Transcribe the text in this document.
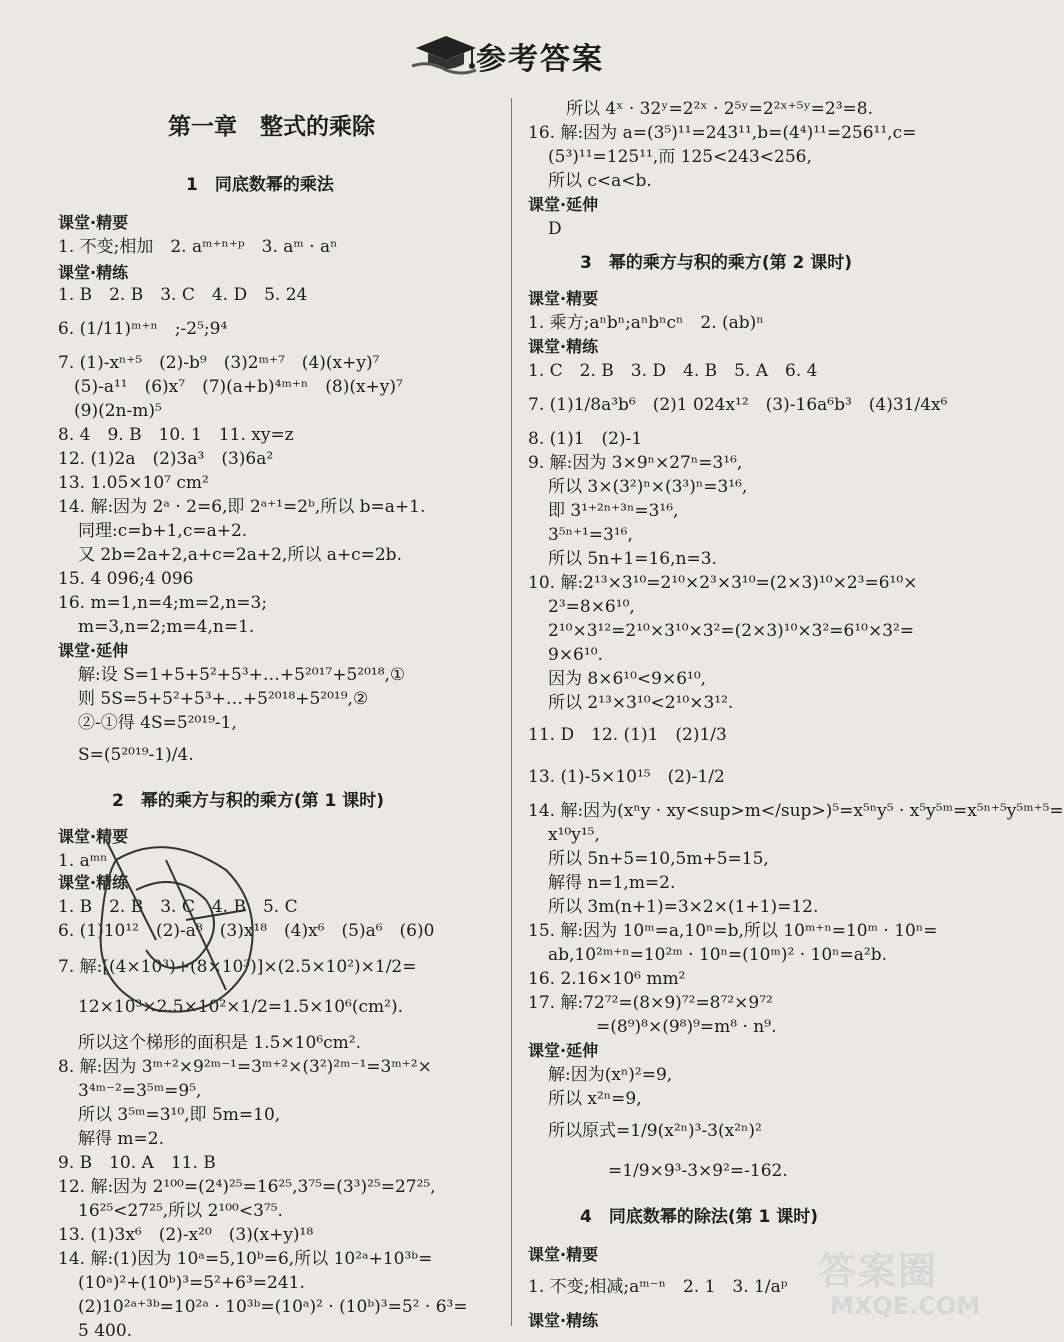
参考答案
第一章　整式的乘除
1　同底数幂的乘法
课堂·精要
1. 不变;相加　2. aᵐ⁺ⁿ⁺ᵖ　3. aᵐ · aⁿ
课堂·精练
1. B　2. B　3. C　4. D　5. 24
6. (1/11)ᵐ⁺ⁿ　;-2⁵;9⁴
7. (1)-xⁿ⁺⁵　(2)-b⁹　(3)2ᵐ⁺⁷　(4)(x+y)⁷
(5)-a¹¹　(6)x⁷　(7)(a+b)⁴ᵐ⁺ⁿ　(8)(x+y)⁷
(9)(2n-m)⁵
8. 4　9. B　10. 1　11. xy=z
12. (1)2a　(2)3a³　(3)6a²
13. 1.05×10⁷ cm²
14. 解:因为 2ᵃ · 2=6,即 2ᵃ⁺¹=2ᵇ,所以 b=a+1.
同理:c=b+1,c=a+2.
又 2b=2a+2,a+c=2a+2,所以 a+c=2b.
15. 4 096;4 096
16. m=1,n=4;m=2,n=3;
m=3,n=2;m=4,n=1.
课堂·延伸
解:设 S=1+5+5²+5³+…+5²⁰¹⁷+5²⁰¹⁸,①
则 5S=5+5²+5³+…+5²⁰¹⁸+5²⁰¹⁹,②
②-①得 4S=5²⁰¹⁹-1,
S=(5²⁰¹⁹-1)/4.
2　幂的乘方与积的乘方(第 1 课时)
课堂·精要
1. aᵐⁿ
课堂·精练
1. B　2. B　3. C　4. B　5. C
6. (1)10¹²　(2)-a⁸　(3)x¹⁸　(4)x⁶　(5)a⁶　(6)0
7. 解:[(4×10³)+(8×10³)]×(2.5×10²)×1/2=
12×10³×2.5×10²×1/2=1.5×10⁶(cm²).
所以这个梯形的面积是 1.5×10⁶cm².
8. 解:因为 3ᵐ⁺²×9²ᵐ⁻¹=3ᵐ⁺²×(3²)²ᵐ⁻¹=3ᵐ⁺²×
3⁴ᵐ⁻²=3⁵ᵐ=9⁵,
所以 3⁵ᵐ=3¹⁰,即 5m=10,
解得 m=2.
9. B　10. A　11. B
12. 解:因为 2¹⁰⁰=(2⁴)²⁵=16²⁵,3⁷⁵=(3³)²⁵=27²⁵,
16²⁵<27²⁵,所以 2¹⁰⁰<3⁷⁵.
13. (1)3x⁶　(2)-x²⁰　(3)(x+y)¹⁸
14. 解:(1)因为 10ᵃ=5,10ᵇ=6,所以 10²ᵃ+10³ᵇ=
(10ᵃ)²+(10ᵇ)³=5²+6³=241.
(2)10²ᵃ⁺³ᵇ=10²ᵃ · 10³ᵇ=(10ᵃ)² · (10ᵇ)³=5² · 6³=
5 400.
所以 4ˣ · 32ʸ=2²ˣ · 2⁵ʸ=2²ˣ⁺⁵ʸ=2³=8.
16. 解:因为 a=(3⁵)¹¹=243¹¹,b=(4⁴)¹¹=256¹¹,c=
(5³)¹¹=125¹¹,而 125<243<256,
所以 c<a<b.
课堂·延伸
D
3　幂的乘方与积的乘方(第 2 课时)
课堂·精要
1. 乘方;aⁿbⁿ;aⁿbⁿcⁿ　2. (ab)ⁿ
课堂·精练
1. C　2. B　3. D　4. B　5. A　6. 4
7. (1)1/8a³b⁶　(2)1 024x¹²　(3)-16a⁶b³　(4)31/4x⁶
8. (1)1　(2)-1
9. 解:因为 3×9ⁿ×27ⁿ=3¹⁶,
所以 3×(3²)ⁿ×(3³)ⁿ=3¹⁶,
即 3¹⁺²ⁿ⁺³ⁿ=3¹⁶,
3⁵ⁿ⁺¹=3¹⁶,
所以 5n+1=16,n=3.
10. 解:2¹³×3¹⁰=2¹⁰×2³×3¹⁰=(2×3)¹⁰×2³=6¹⁰×
2³=8×6¹⁰,
2¹⁰×3¹²=2¹⁰×3¹⁰×3²=(2×3)¹⁰×3²=6¹⁰×3²=
9×6¹⁰.
因为 8×6¹⁰<9×6¹⁰,
所以 2¹³×3¹⁰<2¹⁰×3¹².
11. D　12. (1)1　(2)1/3
13. (1)-5×10¹⁵　(2)-1/2
14. 解:因为(xⁿy · xy<sup>m</sup>)⁵=x⁵ⁿy⁵ · x⁵y⁵ᵐ=x⁵ⁿ⁺⁵y⁵ᵐ⁺⁵=
x¹⁰y¹⁵,
所以 5n+5=10,5m+5=15,
解得 n=1,m=2.
所以 3m(n+1)=3×2×(1+1)=12.
15. 解:因为 10ᵐ=a,10ⁿ=b,所以 10ᵐ⁺ⁿ=10ᵐ · 10ⁿ=
ab,10²ᵐ⁺ⁿ=10²ᵐ · 10ⁿ=(10ᵐ)² · 10ⁿ=a²b.
16. 2.16×10⁶ mm²
17. 解:72⁷²=(8×9)⁷²=8⁷²×9⁷²
=(8⁹)⁸×(9⁸)⁹=m⁸ · n⁹.
课堂·延伸
解:因为(xⁿ)²=9,
所以 x²ⁿ=9,
所以原式=1/9(x²ⁿ)³-3(x²ⁿ)²
=1/9×9³-3×9²=-162.
4　同底数幂的除法(第 1 课时)
课堂·精要
1. 不变;相减;aᵐ⁻ⁿ　2. 1　3. 1/aᵖ
课堂·精练
答案圈
MXQE.COM
